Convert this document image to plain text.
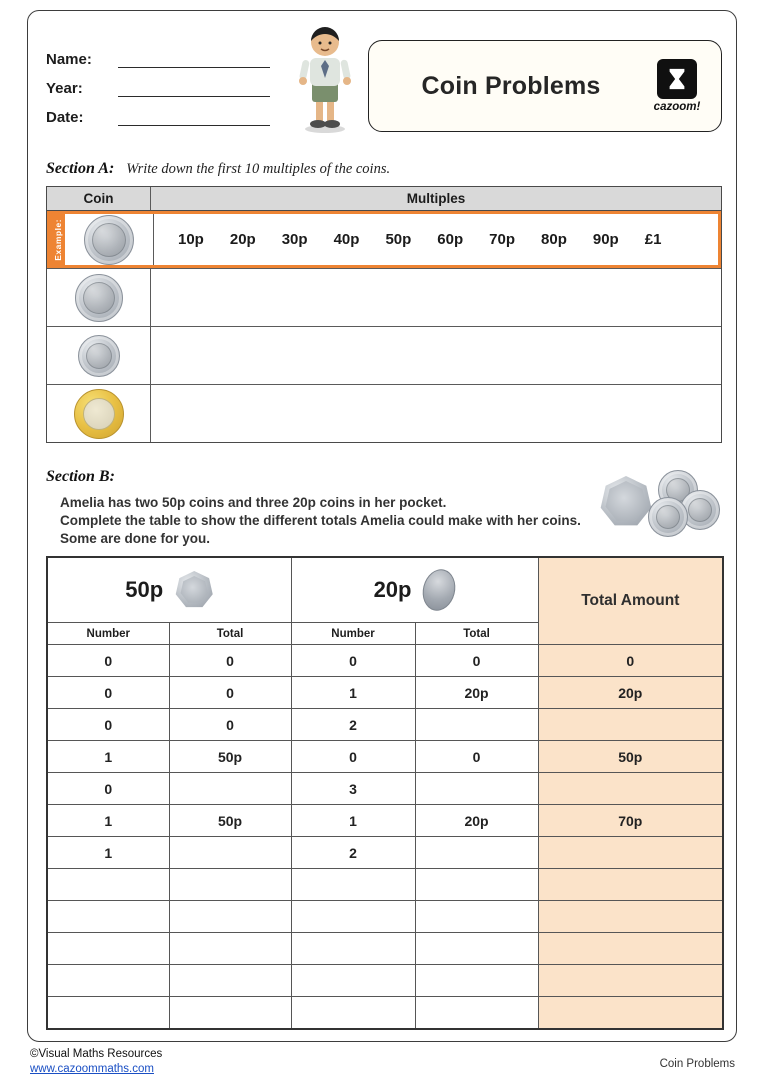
Name:
Year:
Date:
Coin Problems
cazoom!
Section A: Write down the first 10 multiples of the coins.
Coin	Multiples
Example:	10p 20p 30p 40p 50p 60p 70p 80p 90p £1
Section B:
Amelia has two 50p coins and three 20p coins in her pocket.
Complete the table to show the different totals Amelia could make with her coins.
Some are done for you.
50p		20p		Total Amount
Number	Total	Number	Total	
0	0	0	0	0
0	0	1	20p	20p
0	0	2		
1	50p	0	0	50p
0		3		
1	50p	1	20p	70p
1		2		

©Visual Maths Resources
www.cazoommaths.com	Coin Problems
